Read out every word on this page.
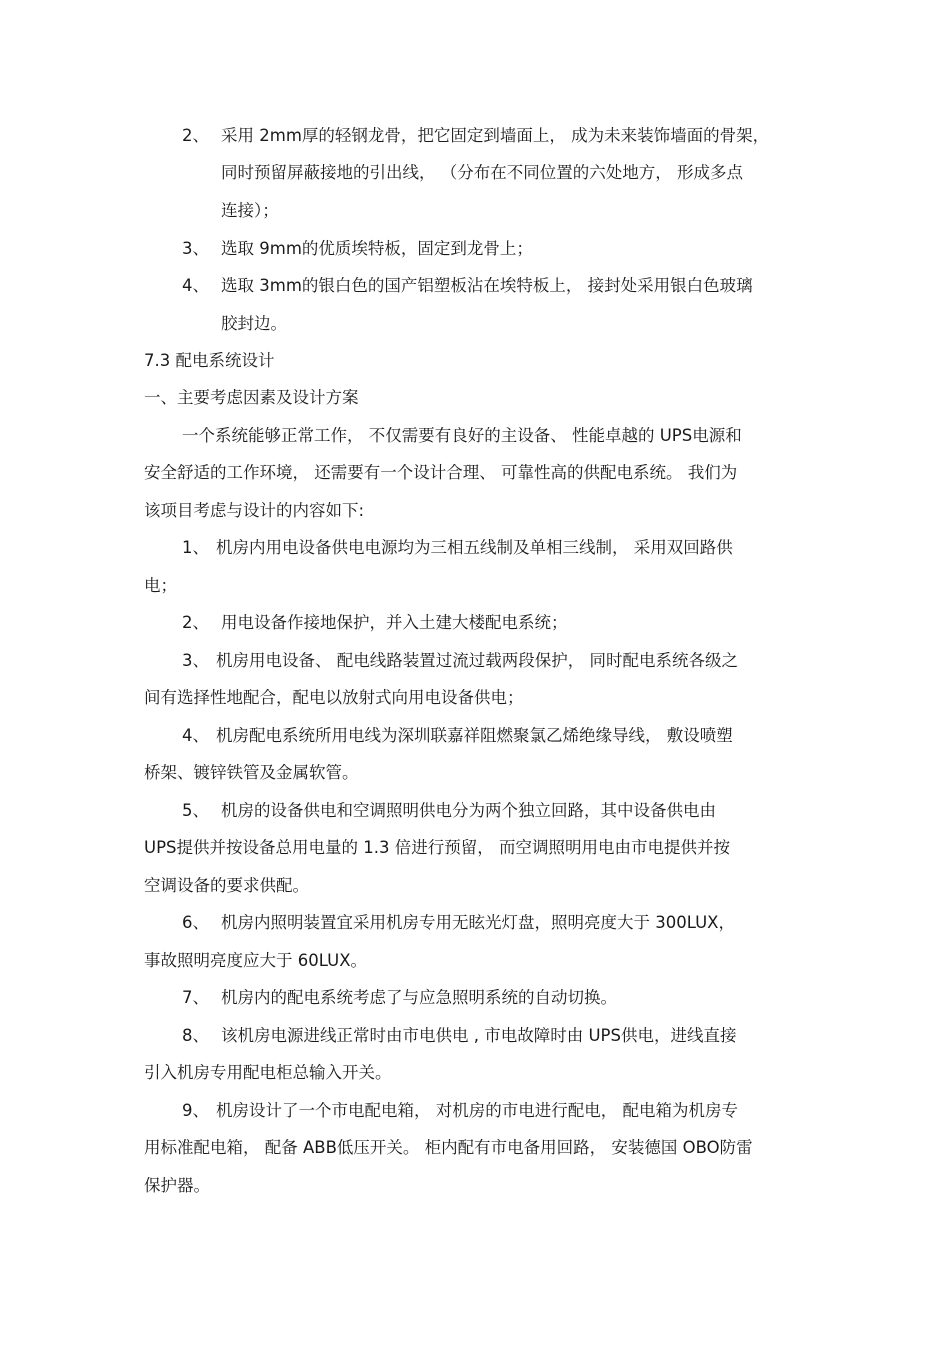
2、 采用 2mm厚的轻钢龙骨，把它固定到墙面上， 成为未来装饰墙面的骨架，
同时预留屏蔽接地的引出线， （分布在不同位置的六处地方， 形成多点
连接）；
3、 选取 9mm的优质埃特板，固定到龙骨上；
4、 选取 3mm的银白色的国产铝塑板沾在埃特板上， 接封处采用银白色玻璃
胶封边。
7.3 配电系统设计
一、主要考虑因素及设计方案
一个系统能够正常工作， 不仅需要有良好的主设备、 性能卓越的 UPS电源和
安全舒适的工作环境， 还需要有一个设计合理、 可靠性高的供配电系统。 我们为
该项目考虑与设计的内容如下:
1、 机房内用电设备供电电源均为三相五线制及单相三线制， 采用双回路供
电；
2、 用电设备作接地保护，并入土建大楼配电系统；
3、 机房用电设备、 配电线路装置过流过载两段保护， 同时配电系统各级之
间有选择性地配合，配电以放射式向用电设备供电；
4、 机房配电系统所用电线为深圳联嘉祥阻燃聚氯乙烯绝缘导线， 敷设喷塑
桥架、镀锌铁管及金属软管。
5、 机房的设备供电和空调照明供电分为两个独立回路，其中设备供电由
UPS提供并按设备总用电量的 1.3 倍进行预留， 而空调照明用电由市电提供并按
空调设备的要求供配。
6、 机房内照明装置宜采用机房专用无眩光灯盘，照明亮度大于 300LUX，
事故照明亮度应大于 60LUX。
7、 机房内的配电系统考虑了与应急照明系统的自动切换。
8、 该机房电源进线正常时由市电供电 , 市电故障时由 UPS供电，进线直接
引入机房专用配电柜总输入开关。
9、 机房设计了一个市电配电箱， 对机房的市电进行配电， 配电箱为机房专
用标准配电箱， 配备 ABB低压开关。 柜内配有市电备用回路， 安装德国 OBO防雷
保护器。
